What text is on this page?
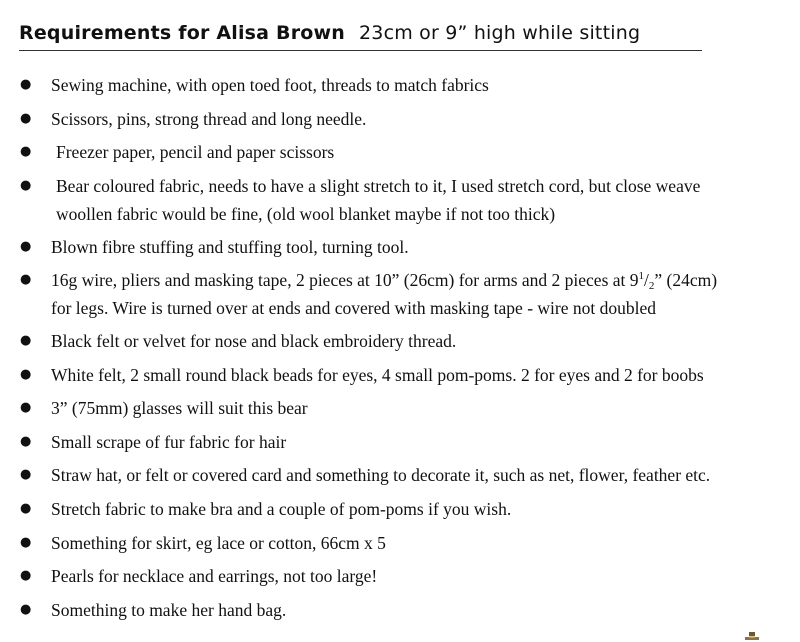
Requirements for Alisa Brown 23cm or 9” high while sitting
● Sewing machine, with open toed foot, threads to match fabrics
● Scissors, pins, strong thread and long needle.
● Freezer paper, pencil and paper scissors
● Bear coloured fabric, needs to have a slight stretch to it, I used stretch cord, but close weave
woollen fabric would be fine, (old wool blanket maybe if not too thick)
● Blown fibre stuffing and stuffing tool, turning tool.
● 16g wire, pliers and masking tape, 2 pieces at 10” (26cm) for arms and 2 pieces at $9^1/_2$” (24cm)
for legs. Wire is turned over at ends and covered with masking tape - wire not doubled
● Black felt or velvet for nose and black embroidery thread.
● White felt, 2 small round black beads for eyes, 4 small pom-poms. 2 for eyes and 2 for boobs
● 3” (75mm) glasses will suit this bear
● Small scrape of fur fabric for hair
● Straw hat, or felt or covered card and something to decorate it, such as net, flower, feather etc.
● Stretch fabric to make bra and a couple of pom-poms if you wish.
● Something for skirt, eg lace or cotton, 66cm x 5
● Pearls for necklace and earrings, not too large!
● Something to make her hand bag.
